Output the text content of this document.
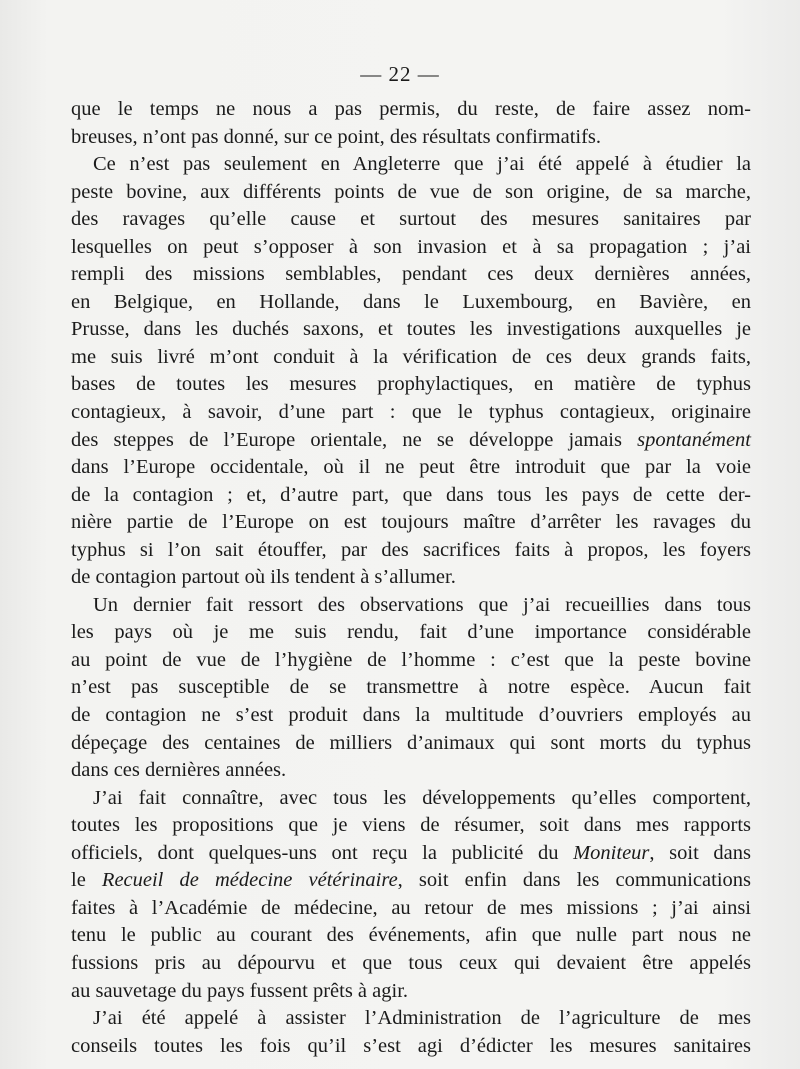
— 22 —
que le temps ne nous a pas permis, du reste, de faire assez nom-
breuses, n’ont pas donné, sur ce point, des résultats confirmatifs.
Ce n’est pas seulement en Angleterre que j’ai été appelé à étudier la
peste bovine, aux différents points de vue de son origine, de sa marche,
des ravages qu’elle cause et surtout des mesures sanitaires par
lesquelles on peut s’opposer à son invasion et à sa propagation ; j’ai
rempli des missions semblables, pendant ces deux dernières années,
en Belgique, en Hollande, dans le Luxembourg, en Bavière, en
Prusse, dans les duchés saxons, et toutes les investigations auxquelles je
me suis livré m’ont conduit à la vérification de ces deux grands faits,
bases de toutes les mesures prophylactiques, en matière de typhus
contagieux, à savoir, d’une part : que le typhus contagieux, originaire
des steppes de l’Europe orientale, ne se développe jamais spontanément
dans l’Europe occidentale, où il ne peut être introduit que par la voie
de la contagion ; et, d’autre part, que dans tous les pays de cette der-
nière partie de l’Europe on est toujours maître d’arrêter les ravages du
typhus si l’on sait étouffer, par des sacrifices faits à propos, les foyers
de contagion partout où ils tendent à s’allumer.
Un dernier fait ressort des observations que j’ai recueillies dans tous
les pays où je me suis rendu, fait d’une importance considérable
au point de vue de l’hygiène de l’homme : c’est que la peste bovine
n’est pas susceptible de se transmettre à notre espèce. Aucun fait
de contagion ne s’est produit dans la multitude d’ouvriers employés au
dépeçage des centaines de milliers d’animaux qui sont morts du typhus
dans ces dernières années.
J’ai fait connaître, avec tous les développements qu’elles comportent,
toutes les propositions que je viens de résumer, soit dans mes rapports
officiels, dont quelques-uns ont reçu la publicité du Moniteur, soit dans
le Recueil de médecine vétérinaire, soit enfin dans les communications
faites à l’Académie de médecine, au retour de mes missions ; j’ai ainsi
tenu le public au courant des événements, afin que nulle part nous ne
fussions pris au dépourvu et que tous ceux qui devaient être appelés
au sauvetage du pays fussent prêts à agir.
J’ai été appelé à assister l’Administration de l’agriculture de mes
conseils toutes les fois qu’il s’est agi d’édicter les mesures sanitaires
